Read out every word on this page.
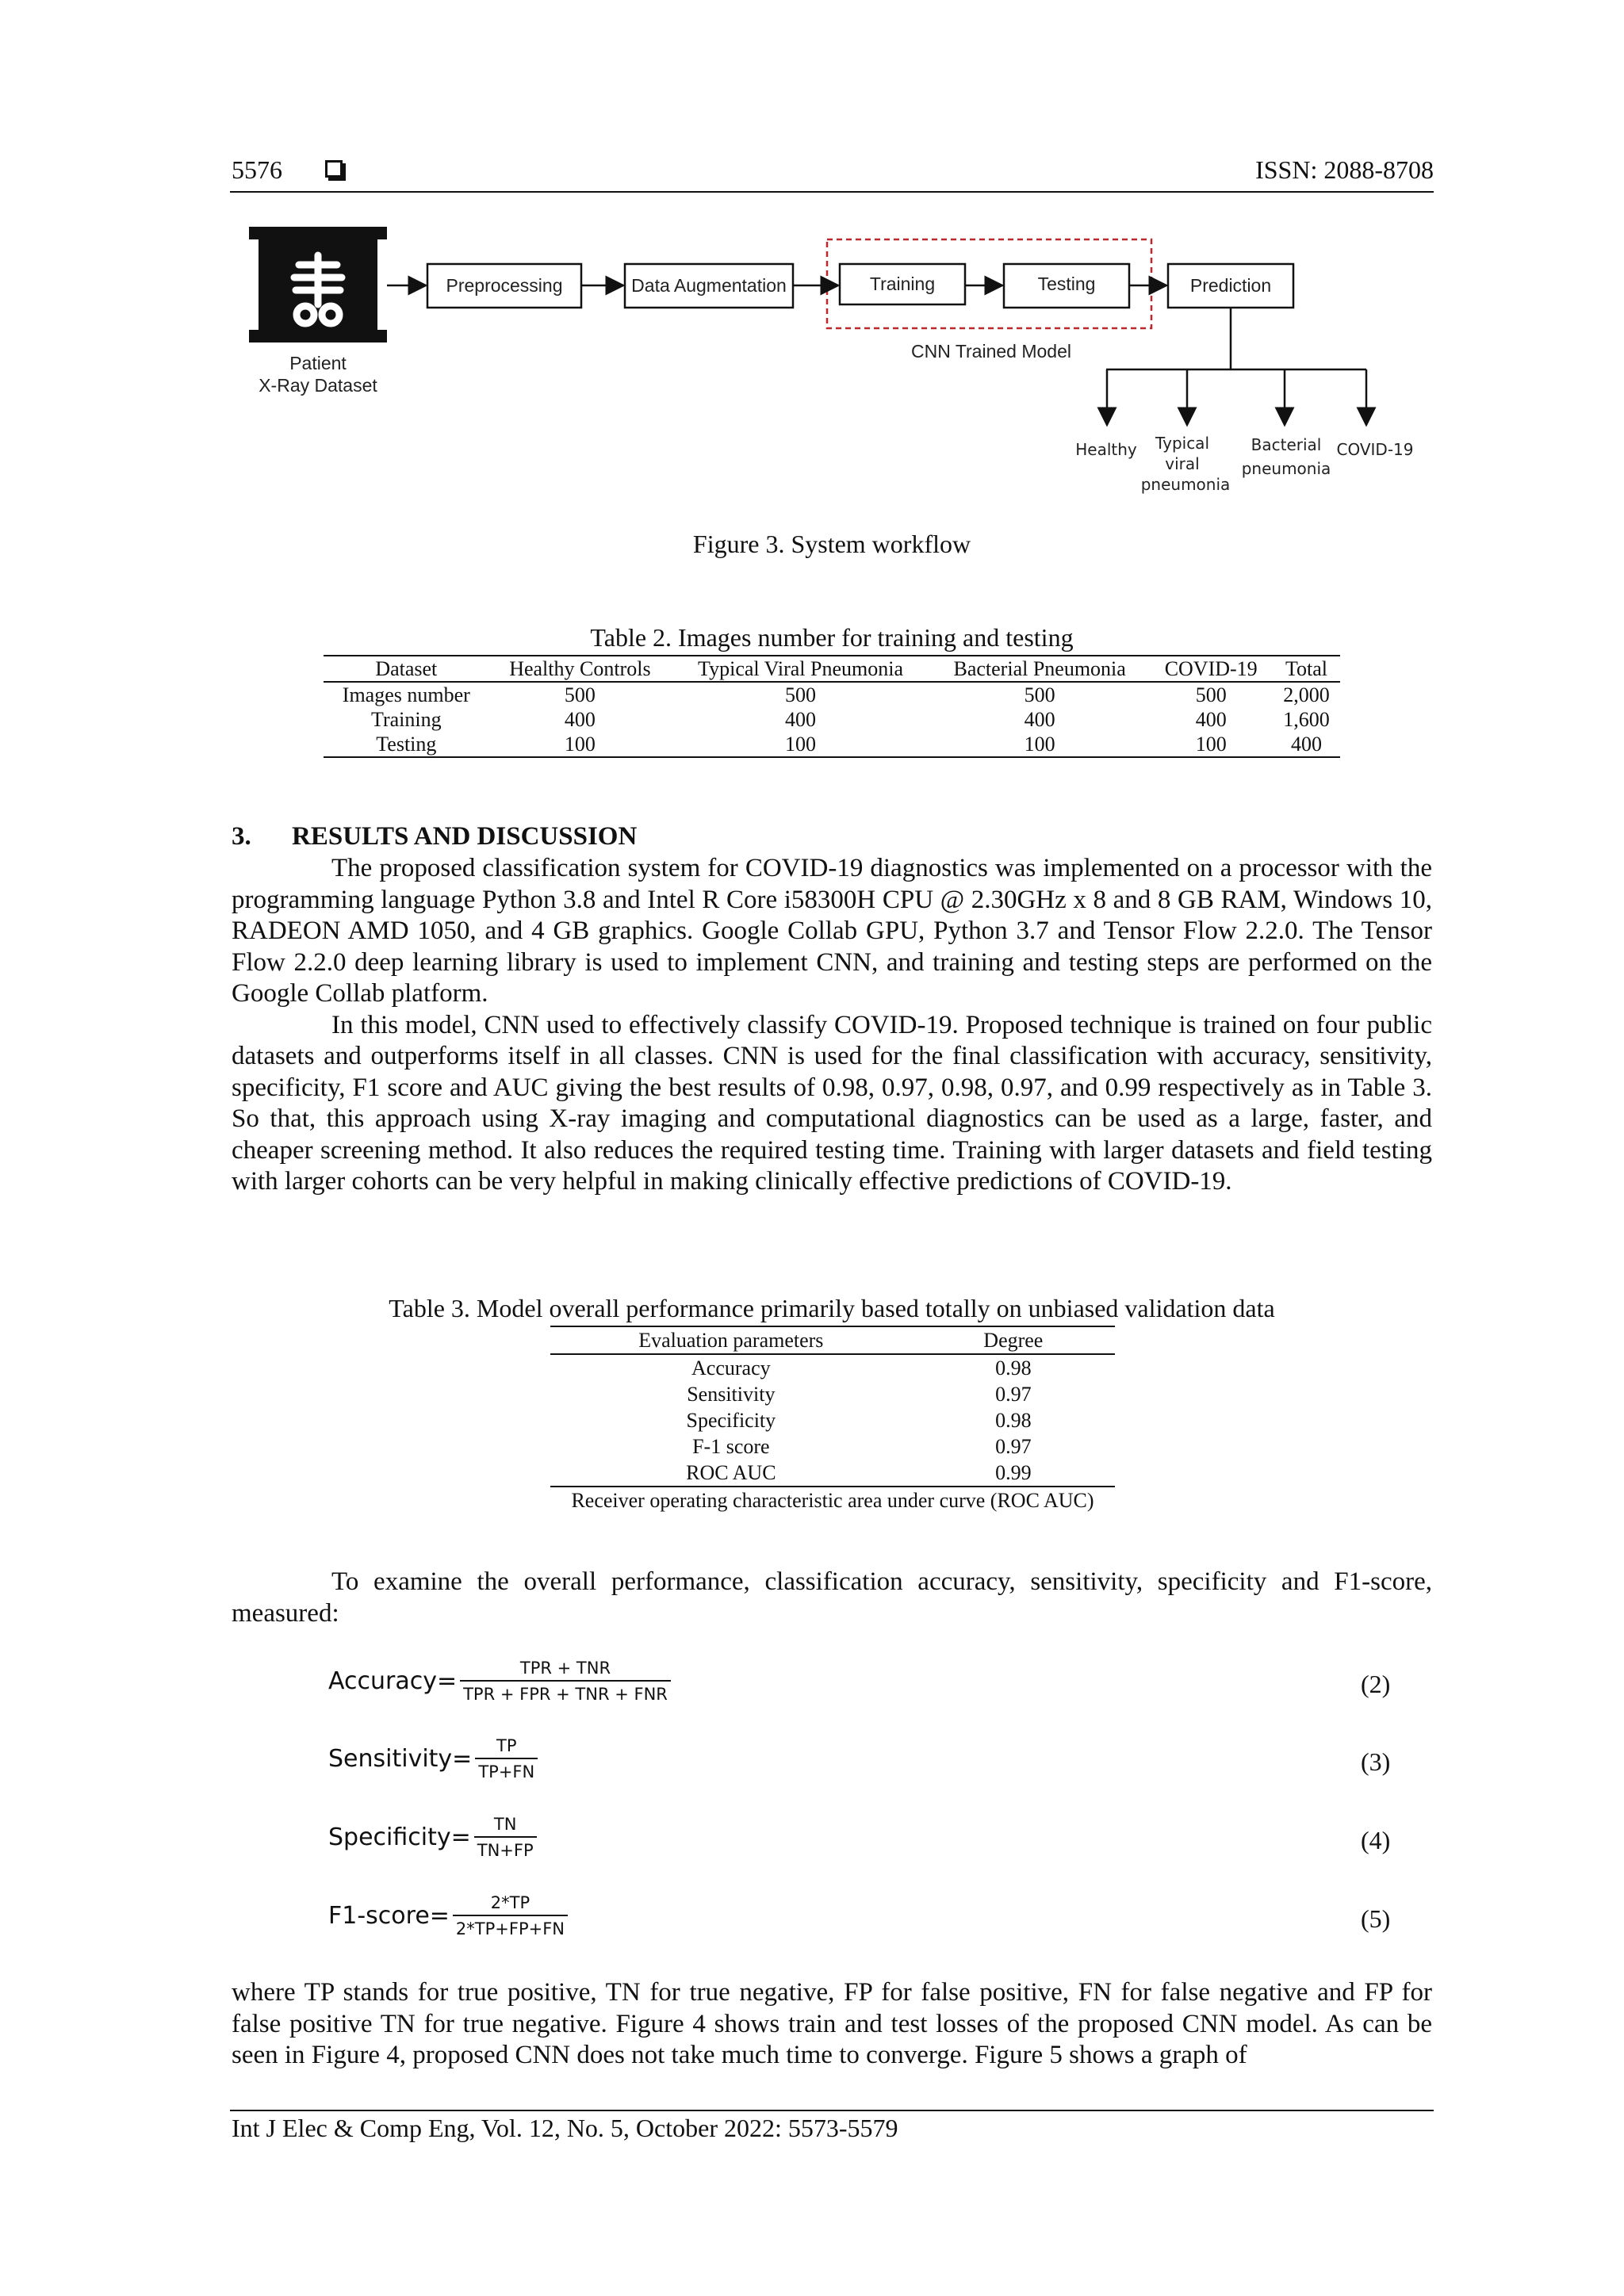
5576	ISSN: 2088-8708
Patient
X-Ray Dataset
CNN Trained Model
Preprocessing	Data Augmentation	Training	Testing	Prediction
Healthy Typical
viral
pneumonia
Bacterial
pneumonia
COVID-19
Figure 3. System workflow
Table 2. Images number for training and testing
Dataset	Healthy Controls	Typical Viral Pneumonia	Bacterial Pneumonia	COVID-19	Total
Images number	500	500	500	500	2,000
Training	400	400	400	400	1,600
Testing	100	100	100	100	400
3. RESULTS AND DISCUSSION

The proposed classification system for COVID-19 diagnostics was implemented on a processor with the programming language Python 3.8 and Intel R Core i58300H CPU @ 2.30GHz x 8 and 8 GB RAM, Windows 10, RADEON AMD 1050, and 4 GB graphics. Google Collab GPU, Python 3.7 and Tensor Flow 2.2.0. The Tensor Flow 2.2.0 deep learning library is used to implement CNN, and training and testing steps are performed on the Google Collab platform.

In this model, CNN used to effectively classify COVID-19. Proposed technique is trained on four public datasets and outperforms itself in all classes. CNN is used for the final classification with accuracy, sensitivity, specificity, F1 score and AUC giving the best results of 0.98, 0.97, 0.98, 0.97, and 0.99 respectively as in Table 3. So that, this approach using X-ray imaging and computational diagnostics can be used as a large, faster, and cheaper screening method. It also reduces the required testing time. Training with larger datasets and field testing with larger cohorts can be very helpful in making clinically effective predictions of COVID-19.

Table 3. Model overall performance primarily based totally on unbiased validation data
Evaluation parameters	Degree
Accuracy	0.98
Sensitivity	0.97
Specificity	0.98
F-1 score	0.97
ROC AUC	0.99
Receiver operating characteristic area under curve (ROC AUC)	

To examine the overall performance, classification accuracy, sensitivity, specificity and F1-score, measured:

Accuracy= $\frac{\text{TPR + TNR}}{\text{TPR + FPR + TNR + FNR}}$	(2)
Sensitivity= $\frac{TP}{TP+FN}$	(3)
Specificity= $\frac{TN}{TN+FP}$	(4)
F1-score= $\frac{2*TP}{2*TP+FP+FN}$	(5)

where TP stands for true positive, TN for true negative, FP for false positive, FN for false negative and FP for false positive TN for true negative. Figure 4 shows train and test losses of the proposed CNN model. As can be seen in Figure 4, proposed CNN does not take much time to converge. Figure 5 shows a graph of

Int J Elec & Comp Eng, Vol. 12, No. 5, October 2022: 5573-5579
